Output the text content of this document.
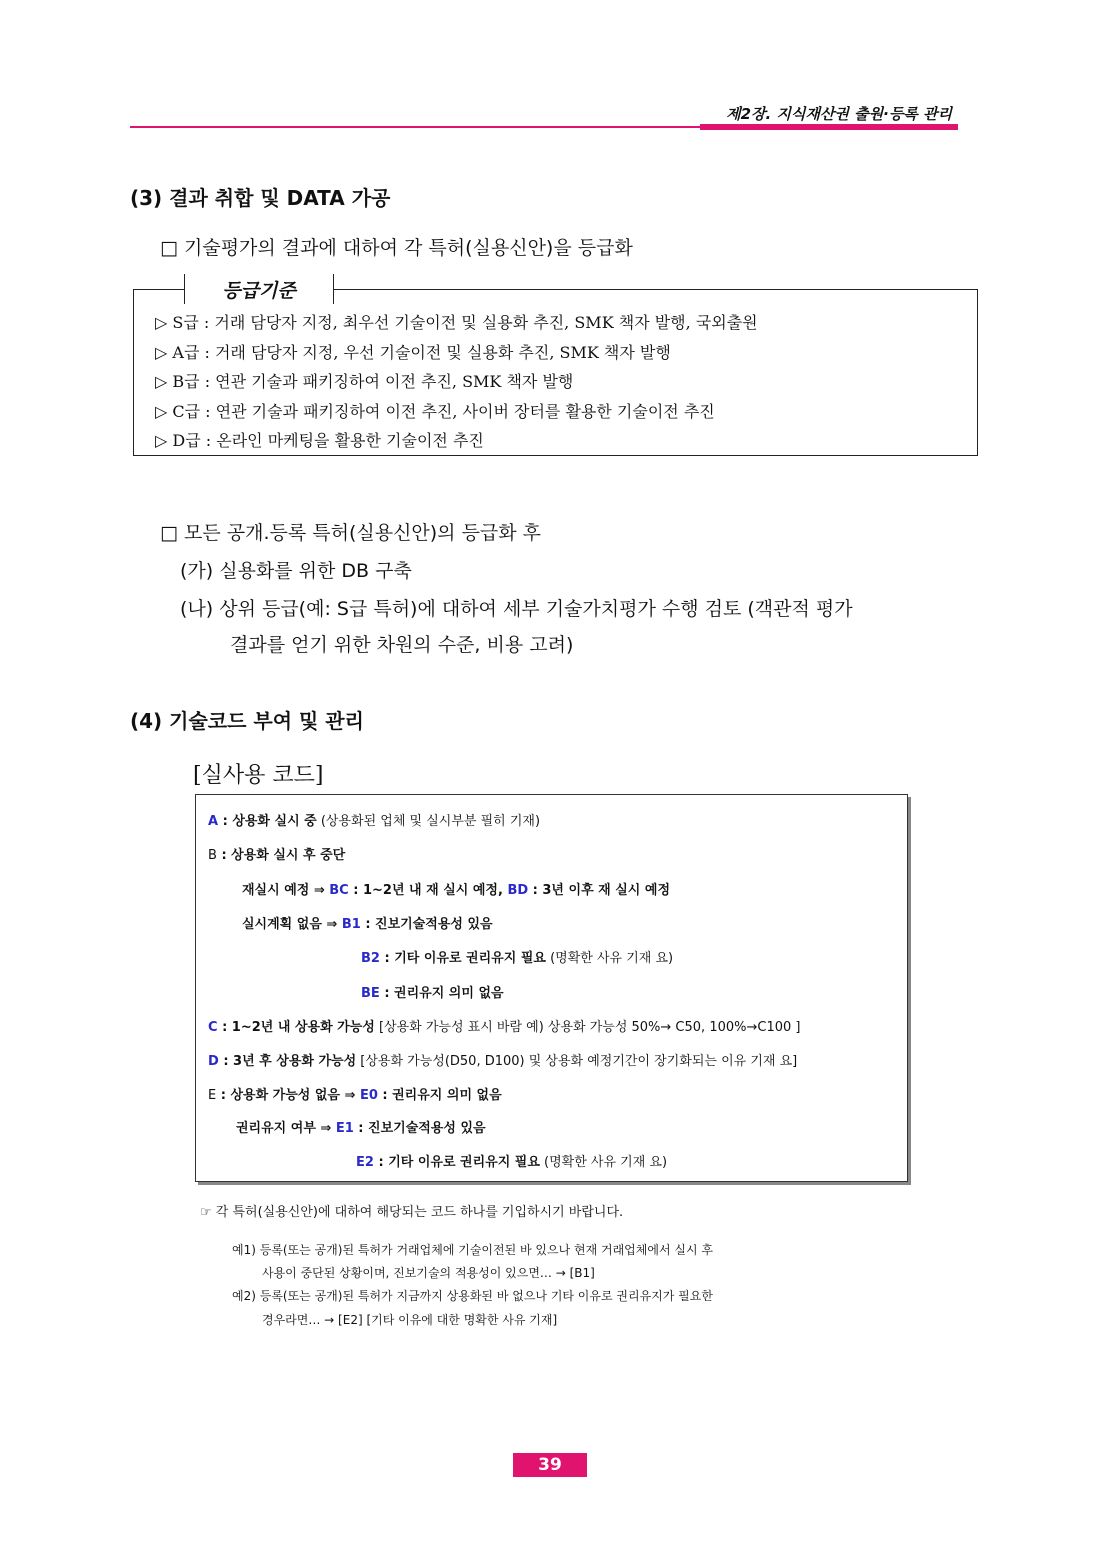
제2장. 지식재산권 출원·등록 관리
(3) 결과 취합 및 DATA 가공
□ 기술평가의 결과에 대하여 각 특허(실용신안)을 등급화
등급기준
▷ S급 : 거래 담당자 지정, 최우선 기술이전 및 실용화 추진, SMK 책자 발행, 국외출원
▷ A급 : 거래 담당자 지정, 우선 기술이전 및 실용화 추진, SMK 책자 발행
▷ B급 : 연관 기술과 패키징하여 이전 추진, SMK 책자 발행
▷ C급 : 연관 기술과 패키징하여 이전 추진, 사이버 장터를 활용한 기술이전 추진
▷ D급 : 온라인 마케팅을 활용한 기술이전 추진
□ 모든 공개.등록 특허(실용신안)의 등급화 후
(가) 실용화를 위한 DB 구축
(나) 상위 등급(예: S급 특허)에 대하여 세부 기술가치평가 수행 검토 (객관적 평가
결과를 얻기 위한 차원의 수준, 비용 고려)
(4) 기술코드 부여 및 관리
[실사용 코드]
A : 상용화 실시 중 (상용화된 업체 및 실시부분 필히 기재)
B : 상용화 실시 후 중단
재실시 예정 ⇒ BC : 1~2년 내 재 실시 예정, BD : 3년 이후 재 실시 예정
실시계획 없음 ⇒ B1 : 진보기술적용성 있음
B2 : 기타 이유로 권리유지 필요 (명확한 사유 기재 요)
BE : 권리유지 의미 없음
C : 1~2년 내 상용화 가능성 [상용화 가능성 표시 바람 예) 상용화 가능성 50%→ C50, 100%→C100 ]
D : 3년 후 상용화 가능성 [상용화 가능성(D50, D100) 및 상용화 예정기간이 장기화되는 이유 기재 요]
E : 상용화 가능성 없음 ⇒ E0 : 권리유지 의미 없음
권리유지 여부 ⇒ E1 : 진보기술적용성 있음
E2 : 기타 이유로 권리유지 필요 (명확한 사유 기재 요)
☞ 각 특허(실용신안)에 대하여 해당되는 코드 하나를 기입하시기 바랍니다.
예1) 등록(또는 공개)된 특허가 거래업체에 기술이전된 바 있으나 현재 거래업체에서 실시 후
사용이 중단된 상황이며, 진보기술의 적용성이 있으면… → [B1]
예2) 등록(또는 공개)된 특허가 지금까지 상용화된 바 없으나 기타 이유로 권리유지가 필요한
경우라면… → [E2] [기타 이유에 대한 명확한 사유 기재]
39
